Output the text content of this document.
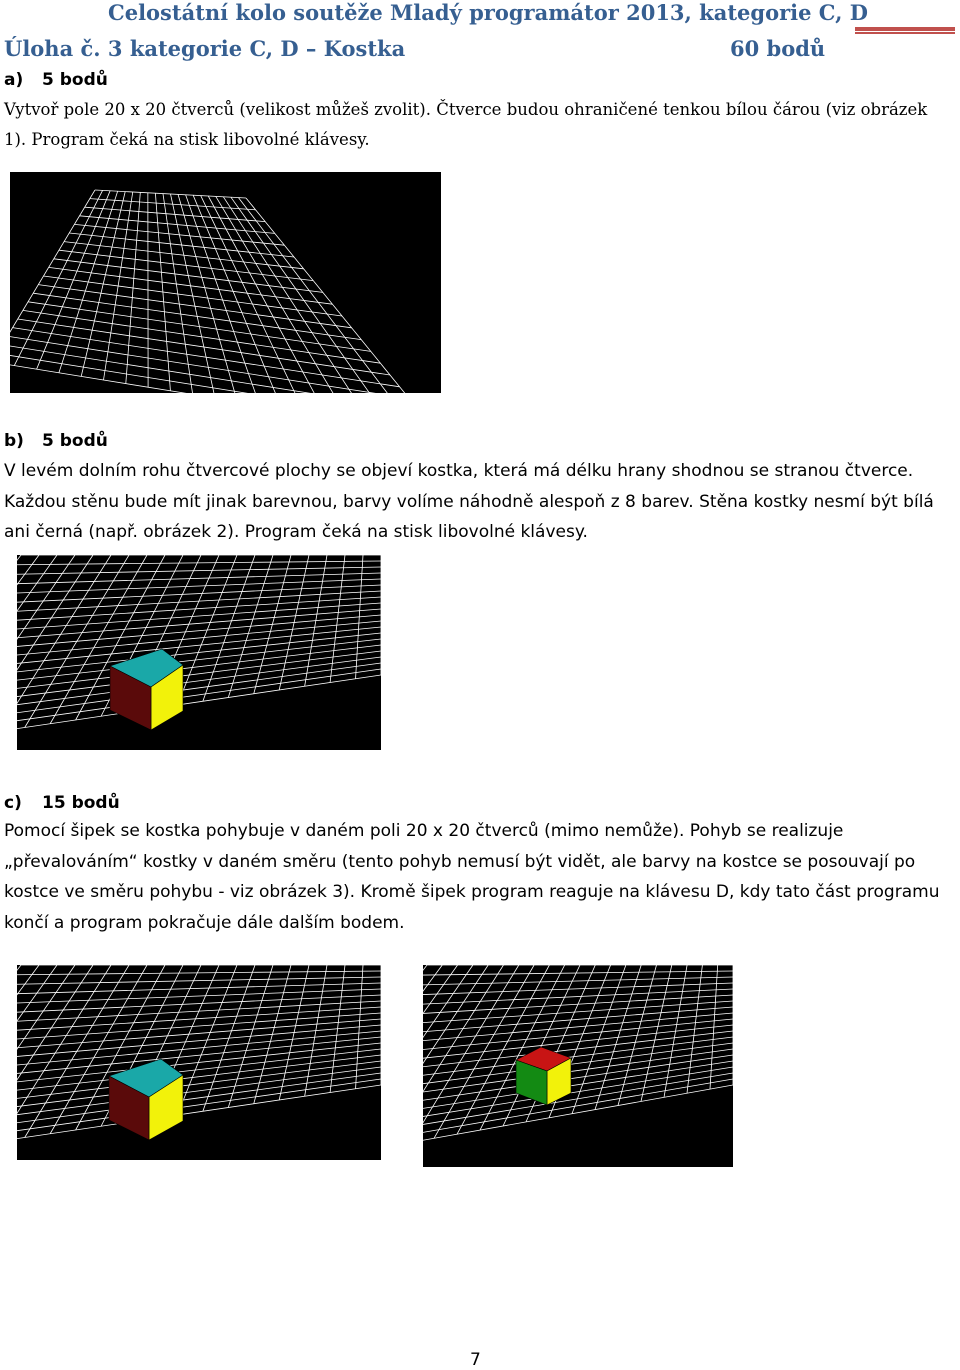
Celostátní kolo soutěže Mladý programátor 2013, kategorie C, D
Úloha č. 3 kategorie C, D – Kostka	60 bodů
a) 5 bodů
Vytvoř pole 20 x 20 čtverců (velikost můžeš zvolit). Čtverce budou ohraničené tenkou bílou čárou (viz obrázek 1). Program čeká na stisk libovolné klávesy.
b) 5 bodů
V levém dolním rohu čtvercové plochy se objeví kostka, která má délku hrany shodnou se stranou čtverce. Každou stěnu bude mít jinak barevnou, barvy volíme náhodně alespoň z 8 barev. Stěna kostky nesmí být bílá ani černá (např. obrázek 2). Program čeká na stisk libovolné klávesy.
c) 15 bodů
Pomocí šipek se kostka pohybuje v daném poli 20 x 20 čtverců (mimo nemůže). Pohyb se realizuje „převalováním“ kostky v daném směru (tento pohyb nemusí být vidět, ale barvy na kostce se posouvají po kostce ve směru pohybu - viz obrázek 3). Kromě šipek program reaguje na klávesu D, kdy tato část programu končí a program pokračuje dále dalším bodem.
7
